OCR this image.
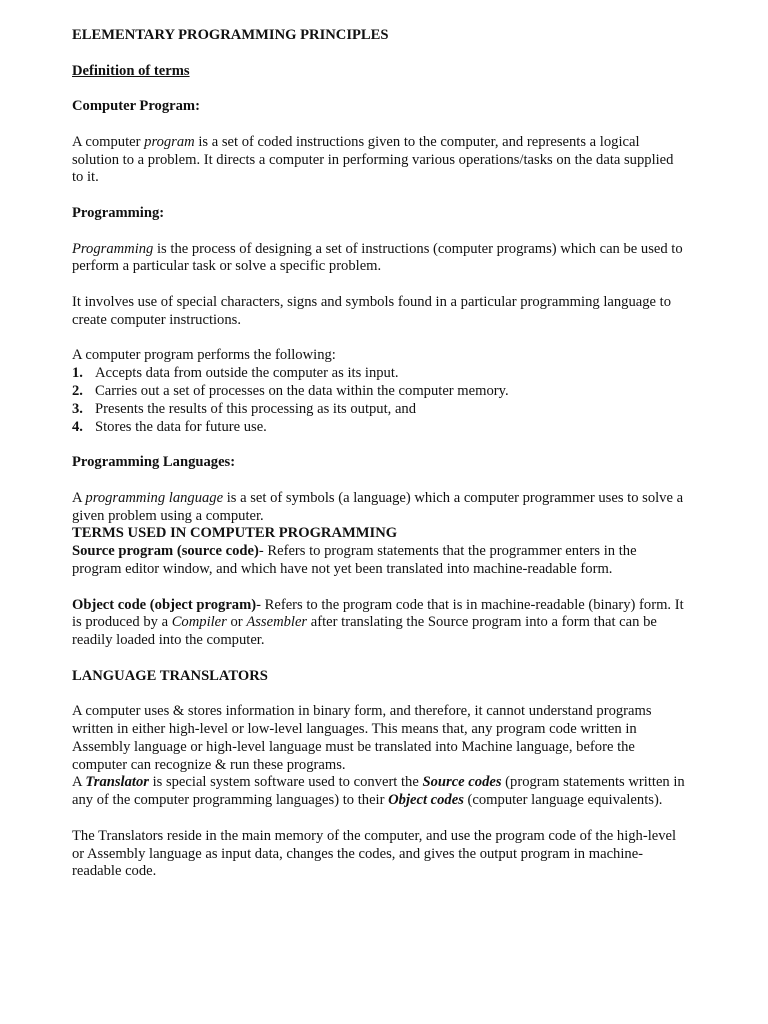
ELEMENTARY PROGRAMMING PRINCIPLES

Definition of terms

Computer Program:

A computer program is a set of coded instructions given to the computer, and represents a logical solution to a problem. It directs a computer in performing various operations/tasks on the data supplied to it.

Programming:

Programming is the process of designing a set of instructions (computer programs) which can be used to perform a particular task or solve a specific problem.

It involves use of special characters, signs and symbols found in a particular programming language to create computer instructions.

A computer program performs the following:

1. Accepts data from outside the computer as its input.
2. Carries out a set of processes on the data within the computer memory.
3. Presents the results of this processing as its output, and
4. Stores the data for future use.

Programming Languages:

A programming language is a set of symbols (a language) which a computer programmer uses to solve a given problem using a computer.

TERMS USED IN COMPUTER PROGRAMMING

Source program (source code)- Refers to program statements that the programmer enters in the program editor window, and which have not yet been translated into machine-readable form.

Object code (object program)- Refers to the program code that is in machine-readable (binary) form. It is produced by a Compiler or Assembler after translating the Source program into a form that can be readily loaded into the computer.

LANGUAGE TRANSLATORS

A computer uses & stores information in binary form, and therefore, it cannot understand programs written in either high-level or low-level languages. This means that, any program code written in Assembly language or high-level language must be translated into Machine language, before the computer can recognize & run these programs.

A Translator is special system software used to convert the Source codes (program statements written in any of the computer programming languages) to their Object codes (computer language equivalents).

The Translators reside in the main memory of the computer, and use the program code of the high-level or Assembly language as input data, changes the codes, and gives the output program in machine-readable code.
